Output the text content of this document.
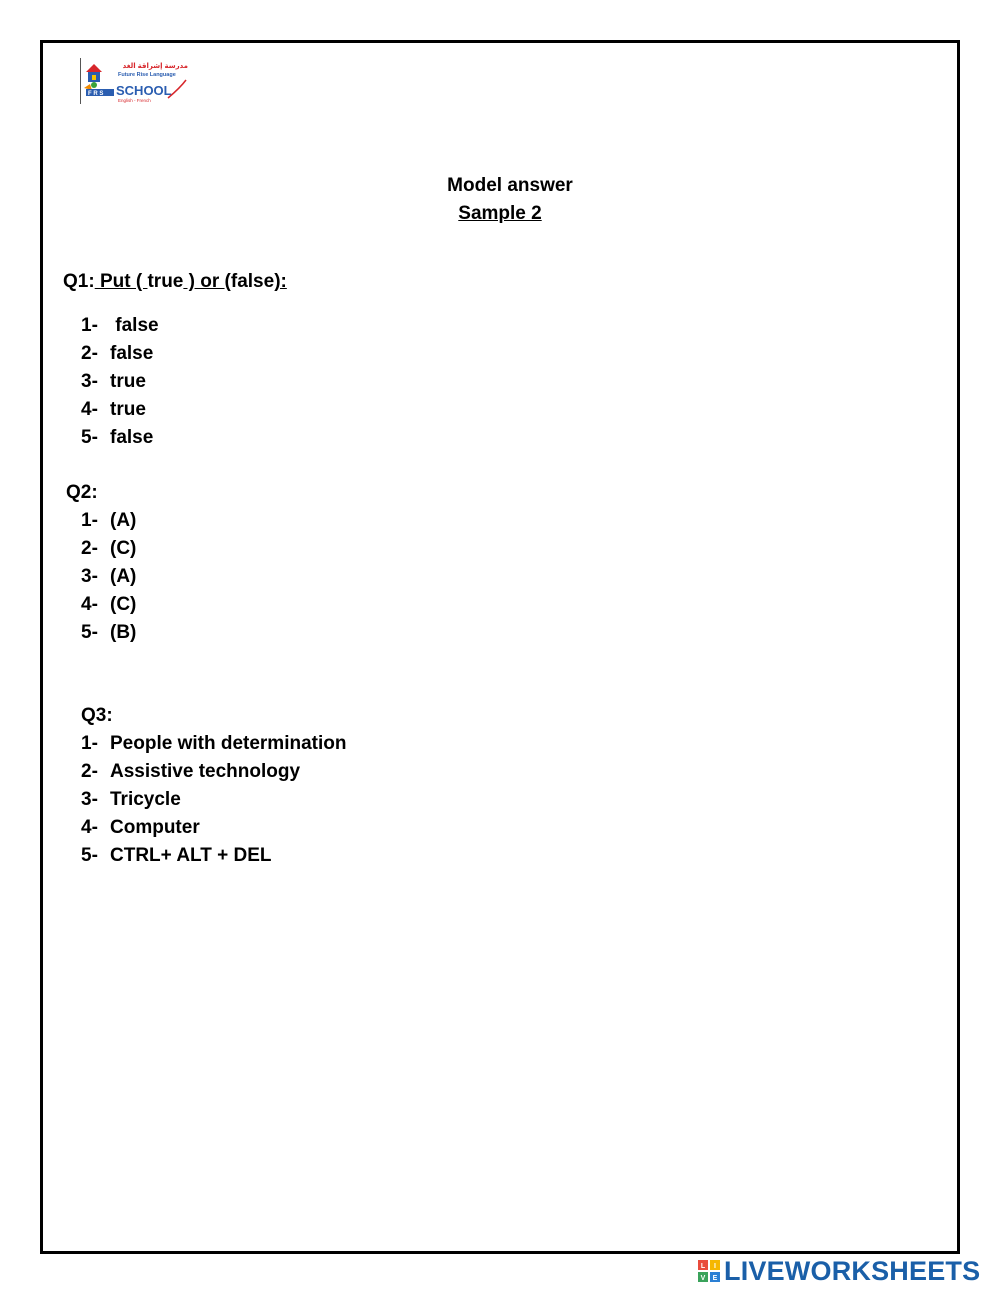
مدرسة إشراقة الغد
Future Rise Language
F R S SCHOOL
English - French
Model answer
Sample 2
Q1: Put ( true ) or (false):
1- false
2- false
3- true
4- true
5- false
Q2:
1- (A)
2- (C)
3- (A)
4- (C)
5- (B)
Q3:
1- People with determination
2- Assistive technology
3- Tricycle
4- Computer
5- CTRL+ ALT + DEL
L I
V E LIVEWORKSHEETS
